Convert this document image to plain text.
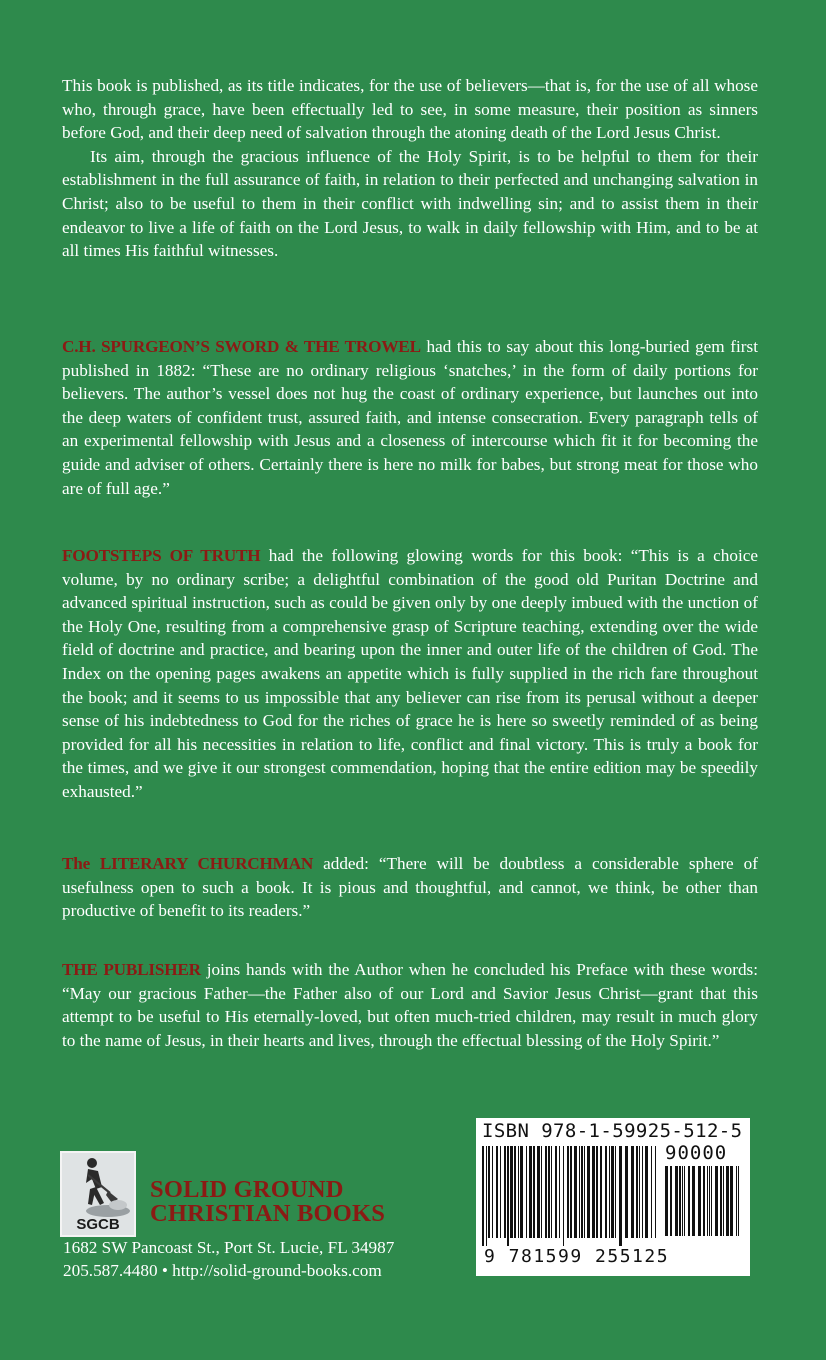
This book is published, as its title indicates, for the use of believers—that is, for the use of all whose who, through grace, have been effectually led to see, in some measure, their position as sinners before God, and their deep need of salvation through the atoning death of the Lord Jesus Christ.

Its aim, through the gracious influence of the Holy Spirit, is to be helpful to them for their establishment in the full assurance of faith, in relation to their perfected and unchanging salvation in Christ; also to be useful to them in their conflict with indwelling sin; and to assist them in their endeavor to live a life of faith on the Lord Jesus, to walk in daily fellowship with Him, and to be at all times His faithful witnesses.

C.H. SPURGEON’S SWORD & THE TROWEL had this to say about this long-buried gem first published in 1882: “These are no ordinary religious ‘snatches,’ in the form of daily portions for believers. The author’s vessel does not hug the coast of ordinary experience, but launches out into the deep waters of confident trust, assured faith, and intense consecration. Every paragraph tells of an experimental fellowship with Jesus and a closeness of intercourse which fit it for becoming the guide and adviser of others. Certainly there is here no milk for babes, but strong meat for those who are of full age.”

FOOTSTEPS OF TRUTH had the following glowing words for this book: “This is a choice volume, by no ordinary scribe; a delightful combination of the good old Puritan Doctrine and advanced spiritual instruction, such as could be given only by one deeply imbued with the unction of the Holy One, resulting from a comprehensive grasp of Scripture teaching, extending over the wide field of doctrine and practice, and bearing upon the inner and outer life of the children of God. The Index on the opening pages awakens an appetite which is fully supplied in the rich fare throughout the book; and it seems to us impossible that any believer can rise from its perusal without a deeper sense of his indebtedness to God for the riches of grace he is here so sweetly reminded of as being provided for all his necessities in relation to life, conflict and final victory. This is truly a book for the times, and we give it our strongest commendation, hoping that the entire edition may be speedily exhausted.”

The LITERARY CHURCHMAN added: “There will be doubtless a considerable sphere of usefulness open to such a book. It is pious and thoughtful, and cannot, we think, be other than productive of benefit to its readers.”

THE PUBLISHER joins hands with the Author when he concluded his Preface with these words: “May our gracious Father—the Father also of our Lord and Savior Jesus Christ—grant that this attempt to be useful to His eternally-loved, but often much-tried children, may result in much glory to the name of Jesus, in their hearts and lives, through the effectual blessing of the Holy Spirit.”

SGCB
SOLID GROUND
CHRISTIAN BOOKS
1682 SW Pancoast St., Port St. Lucie, FL 34987
205.587.4480 • http://solid-ground-books.com
ISBN 978-1-59925-512-5
90000
9 781599 255125
